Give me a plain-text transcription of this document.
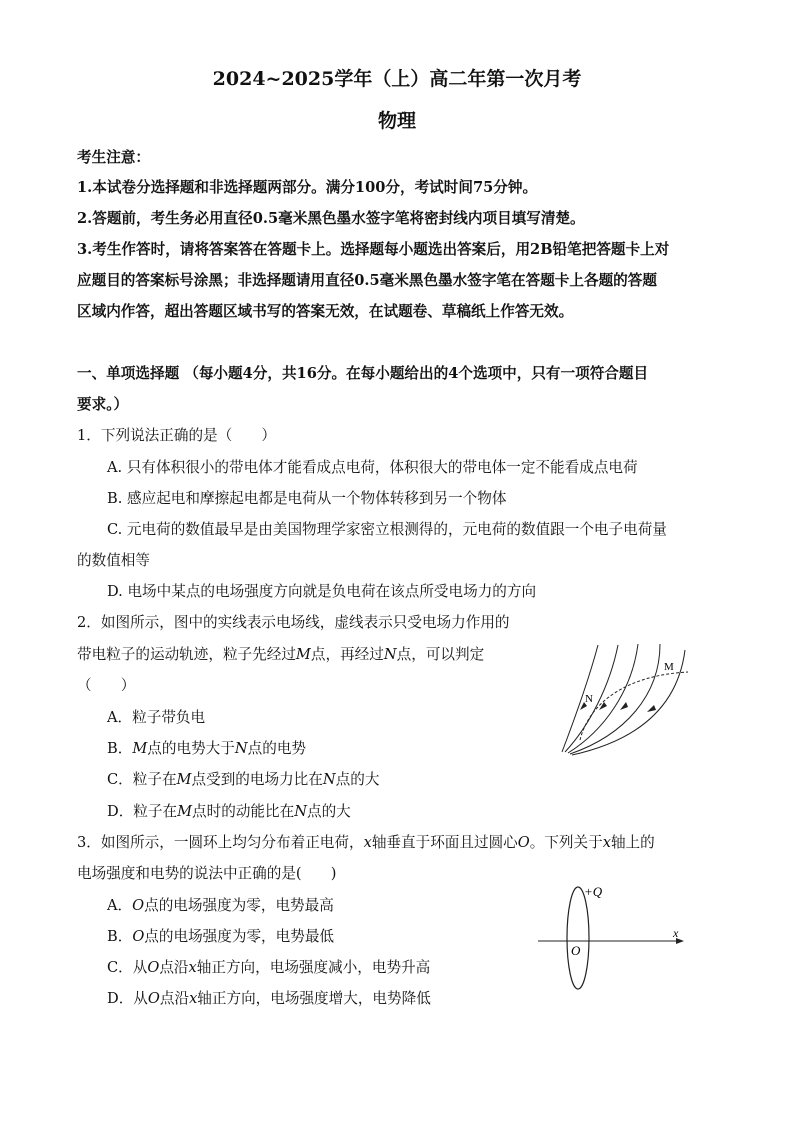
2024~2025学年（上）高二年第一次月考
物理
考生注意：
1.本试卷分选择题和非选择题两部分。满分100分，考试时间75分钟。
2.答题前，考生务必用直径0.5毫米黑色墨水签字笔将密封线内项目填写清楚。
3.考生作答时，请将答案答在答题卡上。选择题每小题选出答案后，用2B铅笔把答题卡上对
应题目的答案标号涂黑；非选择题请用直径0.5毫米黑色墨水签字笔在答题卡上各题的答题
区域内作答，超出答题区域书写的答案无效，在试题卷、草稿纸上作答无效。
一、单项选择题 （每小题4分，共16分。在每小题给出的4个选项中，只有一项符合题目
要求。）
1．下列说法正确的是（　　）
A. 只有体积很小的带电体才能看成点电荷，体积很大的带电体一定不能看成点电荷
B. 感应起电和摩擦起电都是电荷从一个物体转移到另一个物体
C. 元电荷的数值最早是由美国物理学家密立根测得的，元电荷的数值跟一个电子电荷量
的数值相等
D. 电场中某点的电场强度方向就是负电荷在该点所受电场力的方向
2．如图所示，图中的实线表示电场线，虚线表示只受电场力作用的
带电粒子的运动轨迹，粒子先经过M点，再经过N点，可以判定
（　　）
A．粒子带负电
B．M点的电势大于N点的电势
C．粒子在M点受到的电场力比在N点的大
D．粒子在M点时的动能比在N点的大
M
N
3．如图所示，一圆环上均匀分布着正电荷，x轴垂直于环面且过圆心O。下列关于x轴上的
电场强度和电势的说法中正确的是(　　)
A．O点的电场强度为零，电势最高
B．O点的电场强度为零，电势最低
C．从O点沿x轴正方向，电场强度减小，电势升高
D．从O点沿x轴正方向，电场强度增大，电势降低
+Q
O
x
